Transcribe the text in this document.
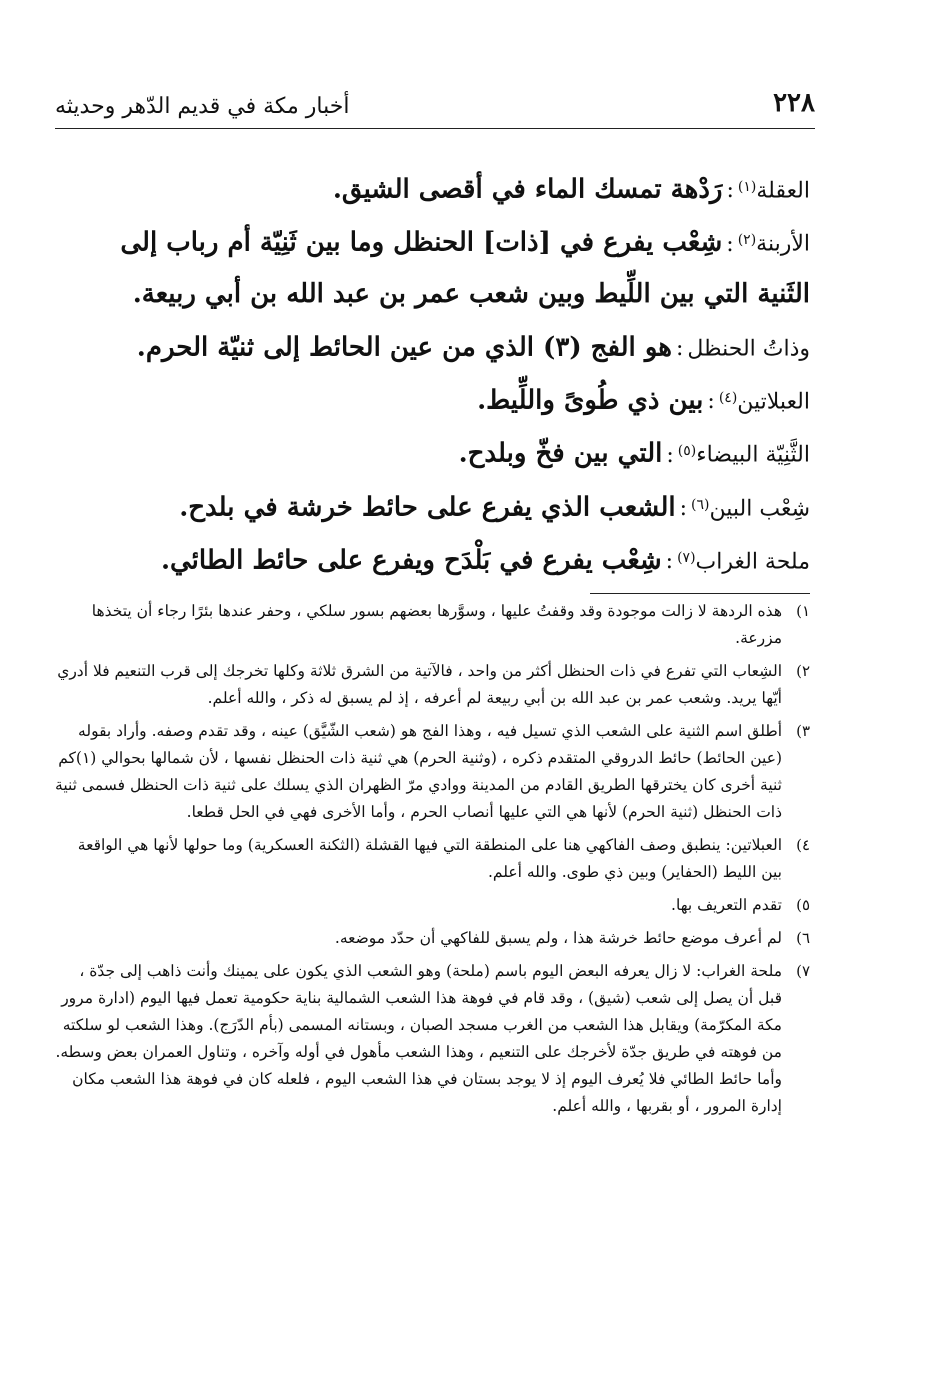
٢٢٨
أخبار مكة في قديم الدّهر وحديثه

العقلة(١):رَدْهة تمسك الماء في أقصى الشيق.

الأربنة(٢):شِعْب يفرع في [ذات] الحنظل وما بين ثَنِيّة أم رباب إلى الثَنية التي بين اللِّيط وبين شعب عمر بن عبد الله بن أبي ربيعة.

وذاتُ الحنظل:هو الفج (٣) الذي من عين الحائط إلى ثنيّة الحرم.

العبلاتين(٤):بين ذي طُوىً واللِّيط.

الثَّنِيّة البيضاء(٥):التي بين فخّ وبلدح.

شِعْب البين(٦):الشعب الذي يفرع على حائط خرشة في بلدح.

ملحة الغراب(٧):شِعْب يفرع في بَلْدَح ويفرع على حائط الطائي.

١)
هذه الردهة لا زالت موجودة وقد وقفتُ عليها ، وسوَّرها بعضهم بسور سلكي ، وحفر عندها بئرًا رجاء أن يتخذها مزرعة.
٢)
الشِعاب التي تفرع في ذات الحنظل أكثر من واحد ، فالآتية من الشرق ثلاثة وكلها تخرجك إلى قرب التنعيم فلا أدري أيّها يريد. وشعب عمر بن عبد الله بن أبي ربيعة لم أعرفه ، إذ لم يسبق له ذكر ، والله أعلم.
٣)
أطلق اسم الثنية على الشعب الذي تسيل فيه ، وهذا الفج هو (شعب الشّيَّق) عينه ، وقد تقدم وصفه. وأراد بقوله (عين الحائط) حائط الدروقي المتقدم ذكره ، (وثنية الحرم) هي ثنية ذات الحنظل نفسها ، لأن شمالها بحوالي (١)كم ثنية أخرى كان يخترقها الطريق القادم من المدينة ووادي مرّ الظهران الذي يسلك على ثنية ذات الحنظل فسمى ثنية ذات الحنظل (ثنية الحرم) لأنها هي التي عليها أنصاب الحرم ، وأما الأخرى فهي في الحل قطعا.
٤)
العبلاتين: ينطبق وصف الفاكهي هنا على المنطقة التي فيها القشلة (الثكنة العسكرية) وما حولها لأنها هي الواقعة بين الليط (الحفاير) وبين ذي طوى. والله أعلم.
٥)
تقدم التعريف بها.
٦)
لم أعرف موضع حائط خرشة هذا ، ولم يسبق للفاكهي أن حدّد موضعه.
٧)
ملحة الغراب: لا زال يعرفه البعض اليوم باسم (ملحة) وهو الشعب الذي يكون على يمينك وأنت ذاهب إلى جدّة ، قبل أن يصل إلى شعب (شيق) ، وقد قام في فوهة هذا الشعب الشمالية بناية حكومية تعمل فيها اليوم (ادارة مرور مكة المكرّمة) ويقابل هذا الشعب من الغرب مسجد الصبان ، وبستانه المسمى (بأم الدّرَج). وهذا الشعب لو سلكته من فوهته في طريق جدّة لأخرجك على التنعيم ، وهذا الشعب مأهول في أوله وآخره ، وتناول العمران بعض وسطه. وأما حائط الطائي فلا يُعرف اليوم إذ لا يوجد بستان في هذا الشعب اليوم ، فلعله كان في فوهة هذا الشعب مكان إدارة المرور ، أو بقربها ، والله أعلم.
